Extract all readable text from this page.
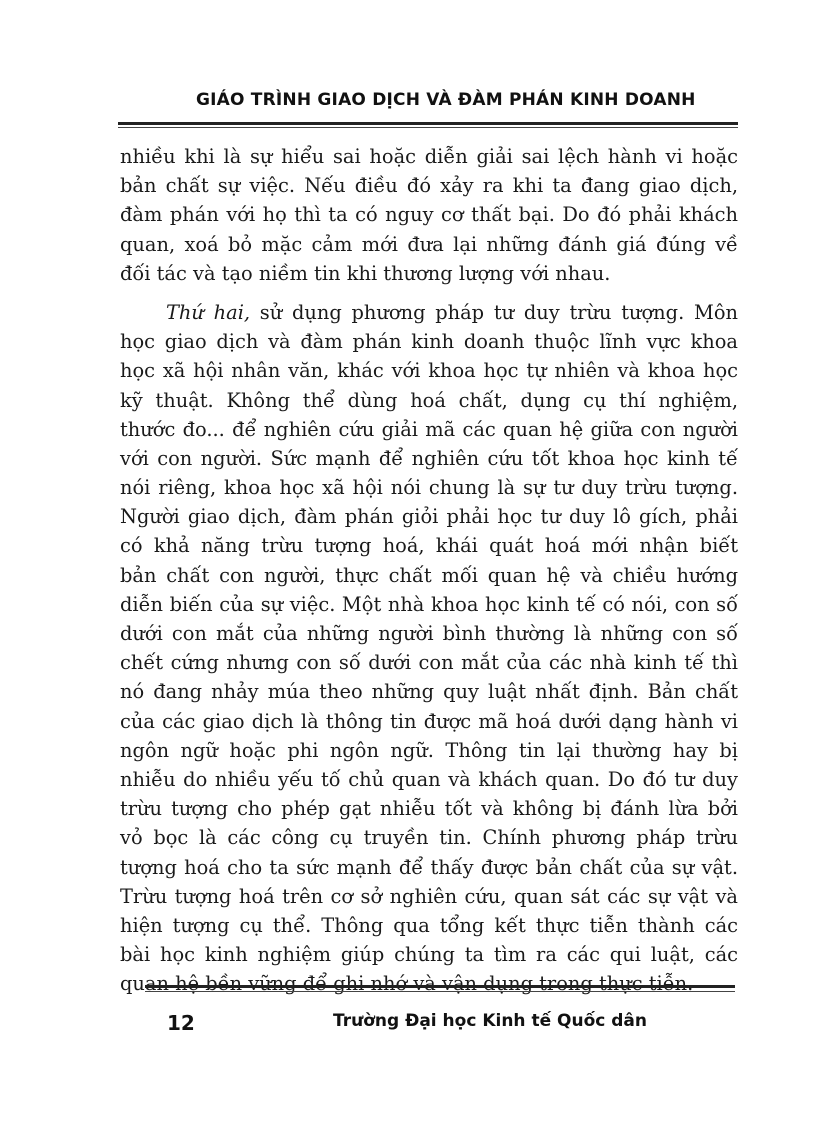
GIÁO TRÌNH GIAO DỊCH VÀ ĐÀM PHÁN KINH DOANH
nhiều khi là sự hiểu sai hoặc diễn giải sai lệch hành vi hoặc
bản chất sự việc. Nếu điều đó xảy ra khi ta đang giao dịch,
đàm phán với họ thì ta có nguy cơ thất bại. Do đó phải khách
quan, xoá bỏ mặc cảm mới đưa lại những đánh giá đúng về
đối tác và tạo niềm tin khi thương lượng với nhau.
Thứ hai, sử dụng phương pháp tư duy trừu tượng. Môn
học giao dịch và đàm phán kinh doanh thuộc lĩnh vực khoa
học xã hội nhân văn, khác với khoa học tự nhiên và khoa học
kỹ thuật. Không thể dùng hoá chất, dụng cụ thí nghiệm,
thước đo... để nghiên cứu giải mã các quan hệ giữa con người
với con người. Sức mạnh để nghiên cứu tốt khoa học kinh tế
nói riêng, khoa học xã hội nói chung là sự tư duy trừu tượng.
Người giao dịch, đàm phán giỏi phải học tư duy lô gích, phải
có khả năng trừu tượng hoá, khái quát hoá mới nhận biết
bản chất con người, thực chất mối quan hệ và chiều hướng
diễn biến của sự việc. Một nhà khoa học kinh tế có nói, con số
dưới con mắt của những người bình thường là những con số
chết cứng nhưng con số dưới con mắt của các nhà kinh tế thì
nó đang nhảy múa theo những quy luật nhất định. Bản chất
của các giao dịch là thông tin được mã hoá dưới dạng hành vi
ngôn ngữ hoặc phi ngôn ngữ. Thông tin lại thường hay bị
nhiễu do nhiều yếu tố chủ quan và khách quan. Do đó tư duy
trừu tượng cho phép gạt nhiễu tốt và không bị đánh lừa bởi
vỏ bọc là các công cụ truyền tin. Chính phương pháp trừu
tượng hoá cho ta sức mạnh để thấy được bản chất của sự vật.
Trừu tượng hoá trên cơ sở nghiên cứu, quan sát các sự vật và
hiện tượng cụ thể. Thông qua tổng kết thực tiễn thành các
bài học kinh nghiệm giúp chúng ta tìm ra các qui luật, các
quan hệ bền vững để ghi nhớ và vận dụng trong thực tiễn.
12	Trường Đại học Kinh tế Quốc dân
